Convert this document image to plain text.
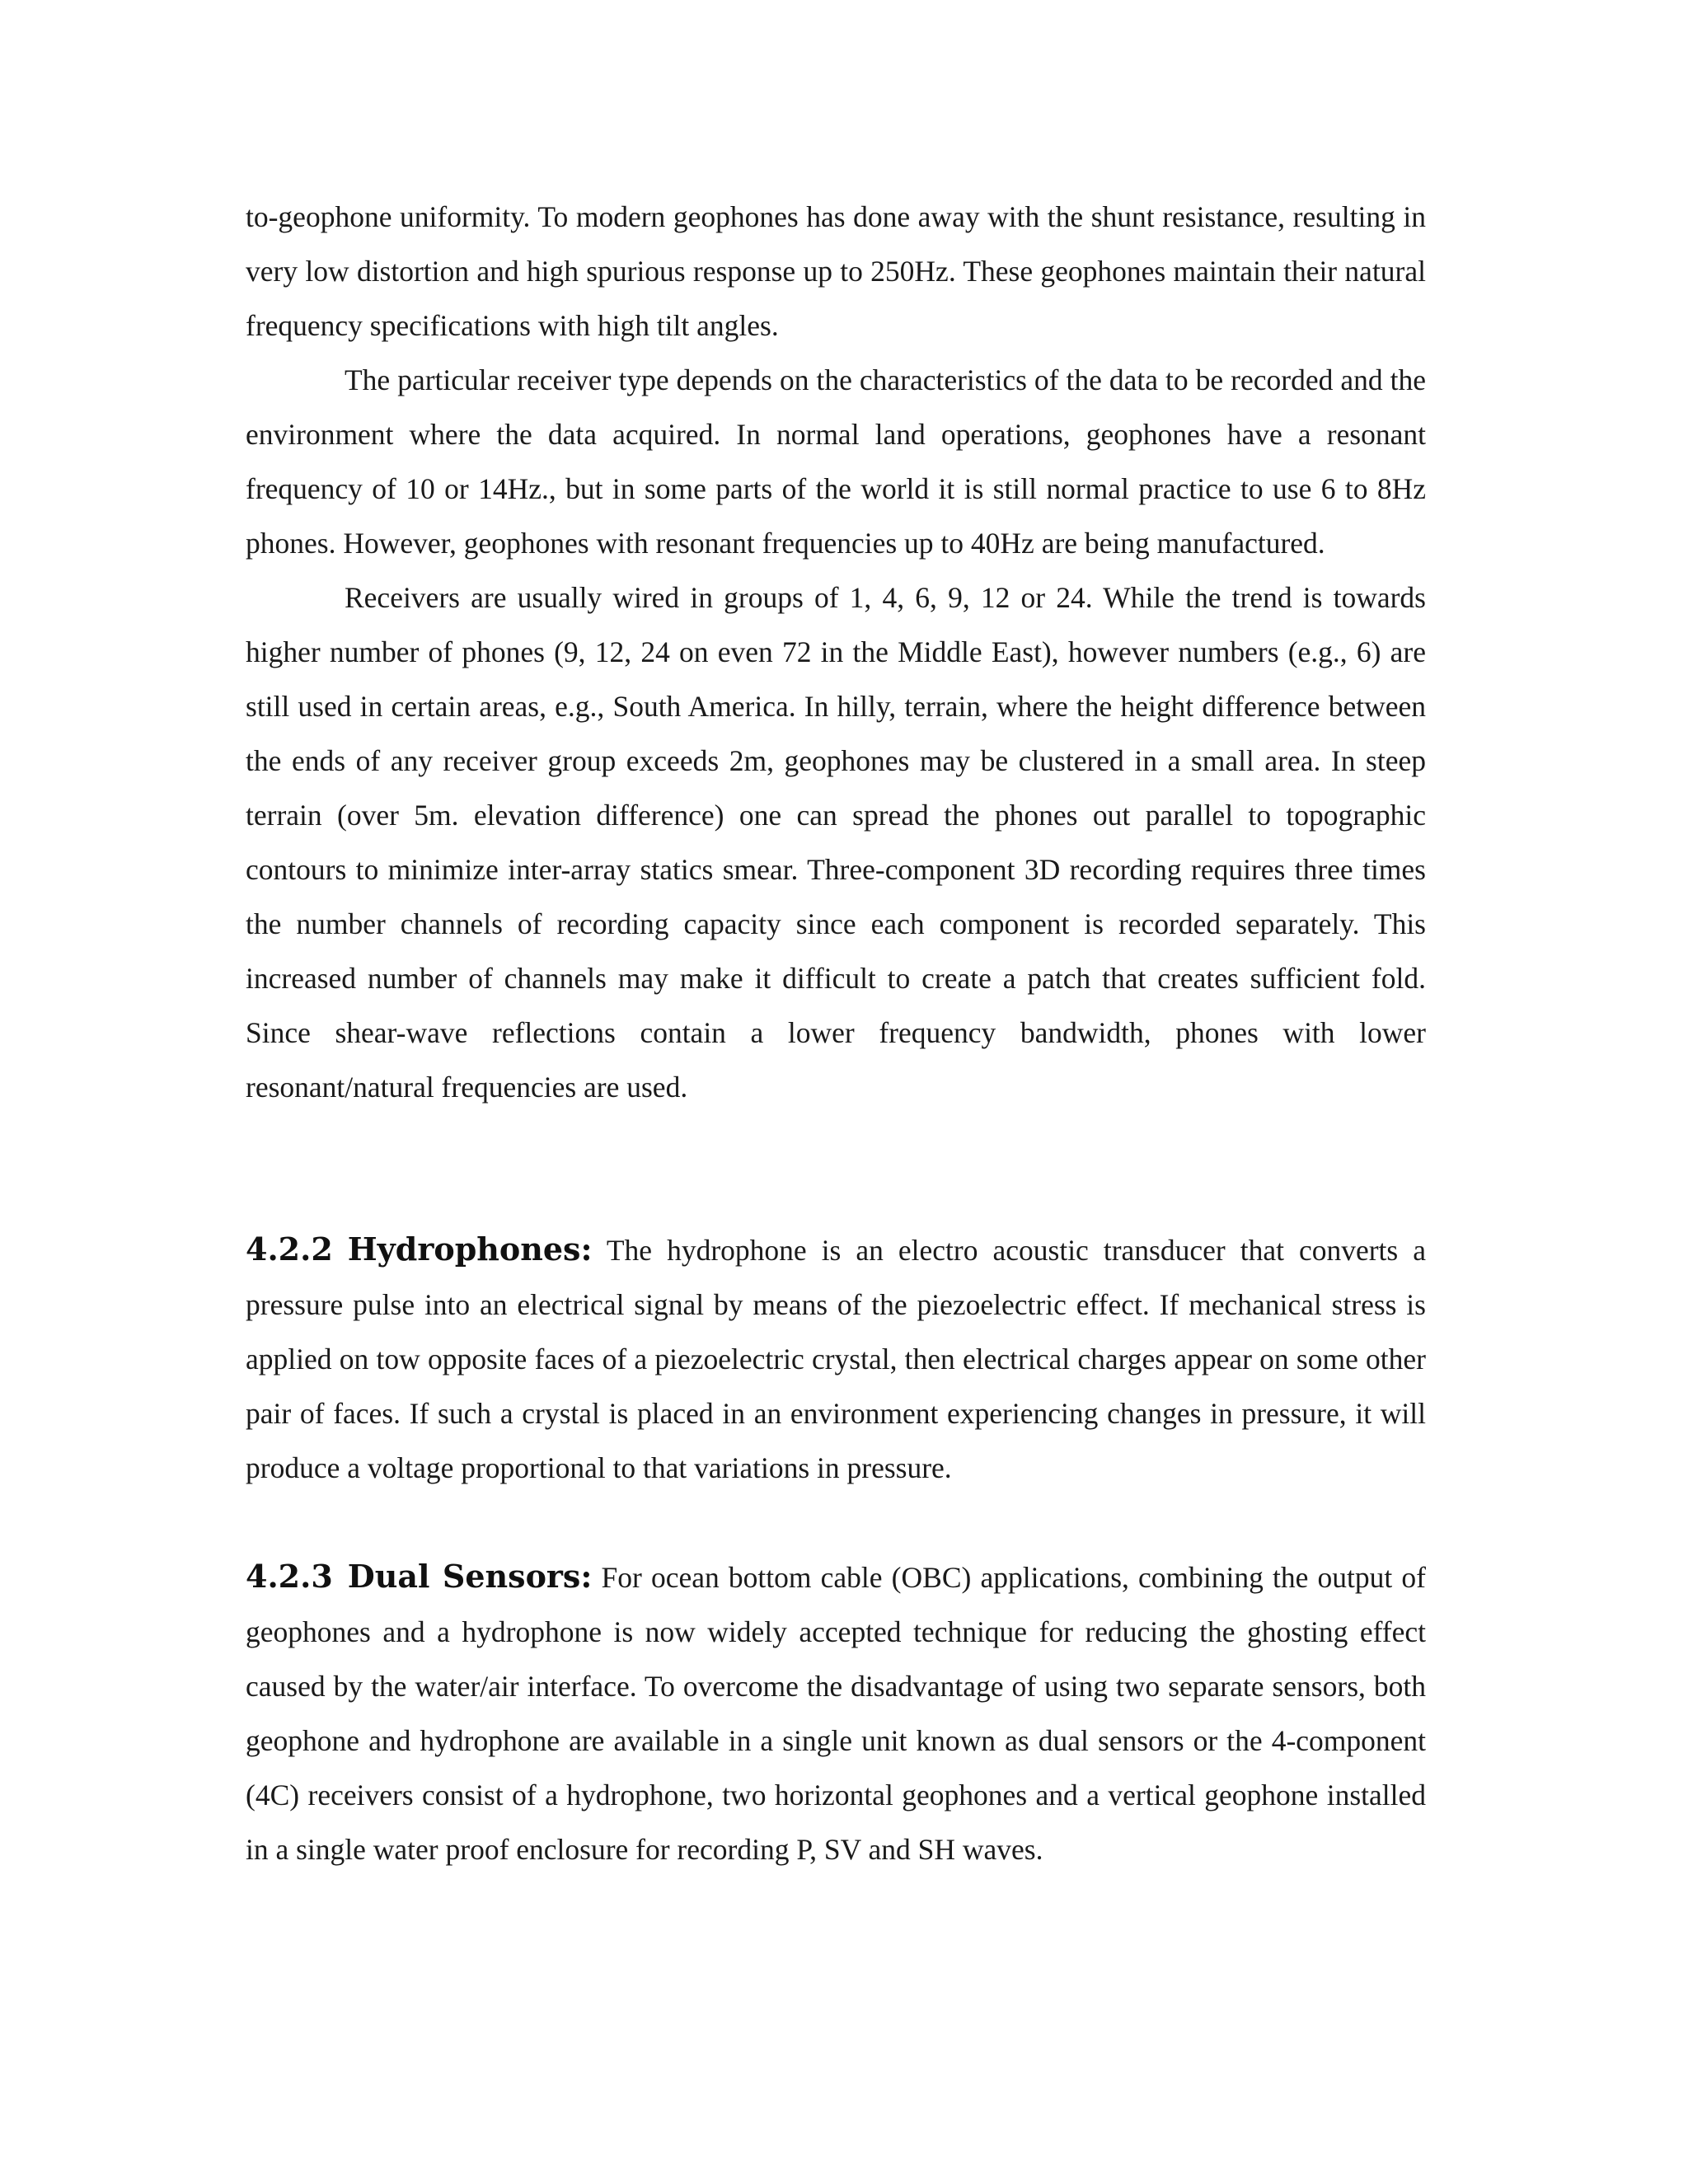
to-geophone uniformity. To modern geophones has done away with the shunt resistance, resulting in very low distortion and high spurious response up to 250Hz. These geophones maintain their natural frequency specifications with high tilt angles.

The particular receiver type depends on the characteristics of the data to be recorded and the environment where the data acquired. In normal land operations, geophones have a resonant frequency of 10 or 14Hz., but in some parts of the world it is still normal practice to use 6 to 8Hz phones. However, geophones with resonant frequencies up to 40Hz are being manufactured.

Receivers are usually wired in groups of 1, 4, 6, 9, 12 or 24. While the trend is towards higher number of phones (9, 12, 24 on even 72 in the Middle East), however numbers (e.g., 6) are still used in certain areas, e.g., South America. In hilly, terrain, where the height difference between the ends of any receiver group exceeds 2m, geophones may be clustered in a small area. In steep terrain (over 5m. elevation difference) one can spread the phones out parallel to topographic contours to minimize inter-array statics smear. Three-component 3D recording requires three times the number channels of recording capacity since each component is recorded separately. This increased number of channels may make it difficult to create a patch that creates sufficient fold. Since shear-wave reflections contain a lower frequency bandwidth, phones with lower resonant/natural frequencies are used.

4.2.2 Hydrophones: The hydrophone is an electro acoustic transducer that converts a pressure pulse into an electrical signal by means of the piezoelectric effect. If mechanical stress is applied on tow opposite faces of a piezoelectric crystal, then electrical charges appear on some other pair of faces. If such a crystal is placed in an environment experiencing changes in pressure, it will produce a voltage proportional to that variations in pressure.

4.2.3 Dual Sensors: For ocean bottom cable (OBC) applications, combining the output of geophones and a hydrophone is now widely accepted technique for reducing the ghosting effect caused by the water/air interface. To overcome the disadvantage of using two separate sensors, both geophone and hydrophone are available in a single unit known as dual sensors or the 4-component (4C) receivers consist of a hydrophone, two horizontal geophones and a vertical geophone installed in a single water proof enclosure for recording P, SV and SH waves.
